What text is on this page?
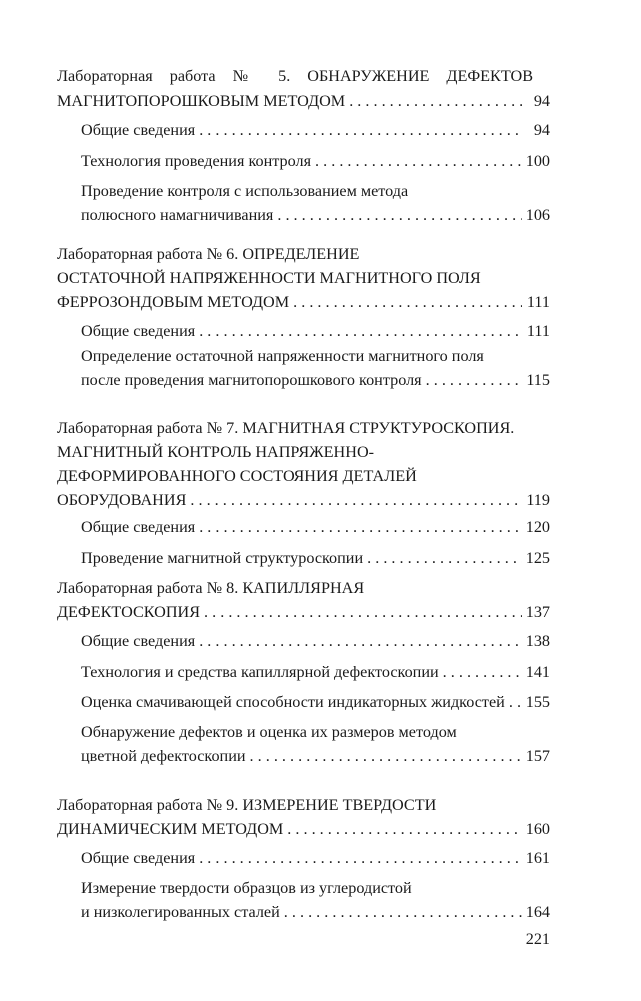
Лабораторная работа № 5. ОБНАРУЖЕНИЕ ДЕФЕКТОВ
МАГНИТОПОРОШКОВЫМ МЕТОДОМ . . .	94
Общие сведения . . .	94
Технология проведения контроля . . .	100
Проведение контроля с использованием метода
полюсного намагничивания . . .	106
Лабораторная работа № 6. ОПРЕДЕЛЕНИЕ
ОСТАТОЧНОЙ НАПРЯЖЕННОСТИ МАГНИТНОГО ПОЛЯ
ФЕРРОЗОНДОВЫМ МЕТОДОМ . . .	111
Общие сведения . . .	111
Определение остаточной напряженности магнитного поля
после проведения магнитопорошкового контроля . . .	115
Лабораторная работа № 7. МАГНИТНАЯ СТРУКТУРОСКОПИЯ.
МАГНИТНЫЙ КОНТРОЛЬ НАПРЯЖЕННО-
ДЕФОРМИРОВАННОГО СОСТОЯНИЯ ДЕТАЛЕЙ
ОБОРУДОВАНИЯ . . .	119
Общие сведения . . .	120
Проведение магнитной структуроскопии . . .	125
Лабораторная работа № 8. КАПИЛЛЯРНАЯ
ДЕФЕКТОСКОПИЯ . . .	137
Общие сведения . . .	138
Технология и средства капиллярной дефектоскопии . . .	141
Оценка смачивающей способности индикаторных жидкостей . . . 155
Обнаружение дефектов и оценка их размеров методом
цветной дефектоскопии . . .	157
Лабораторная работа № 9. ИЗМЕРЕНИЕ ТВЕРДОСТИ
ДИНАМИЧЕСКИМ МЕТОДОМ . . .	160
Общие сведения . . .	161
Измерение твердости образцов из углеродистой
и низколегированных сталей . . .	164
221
